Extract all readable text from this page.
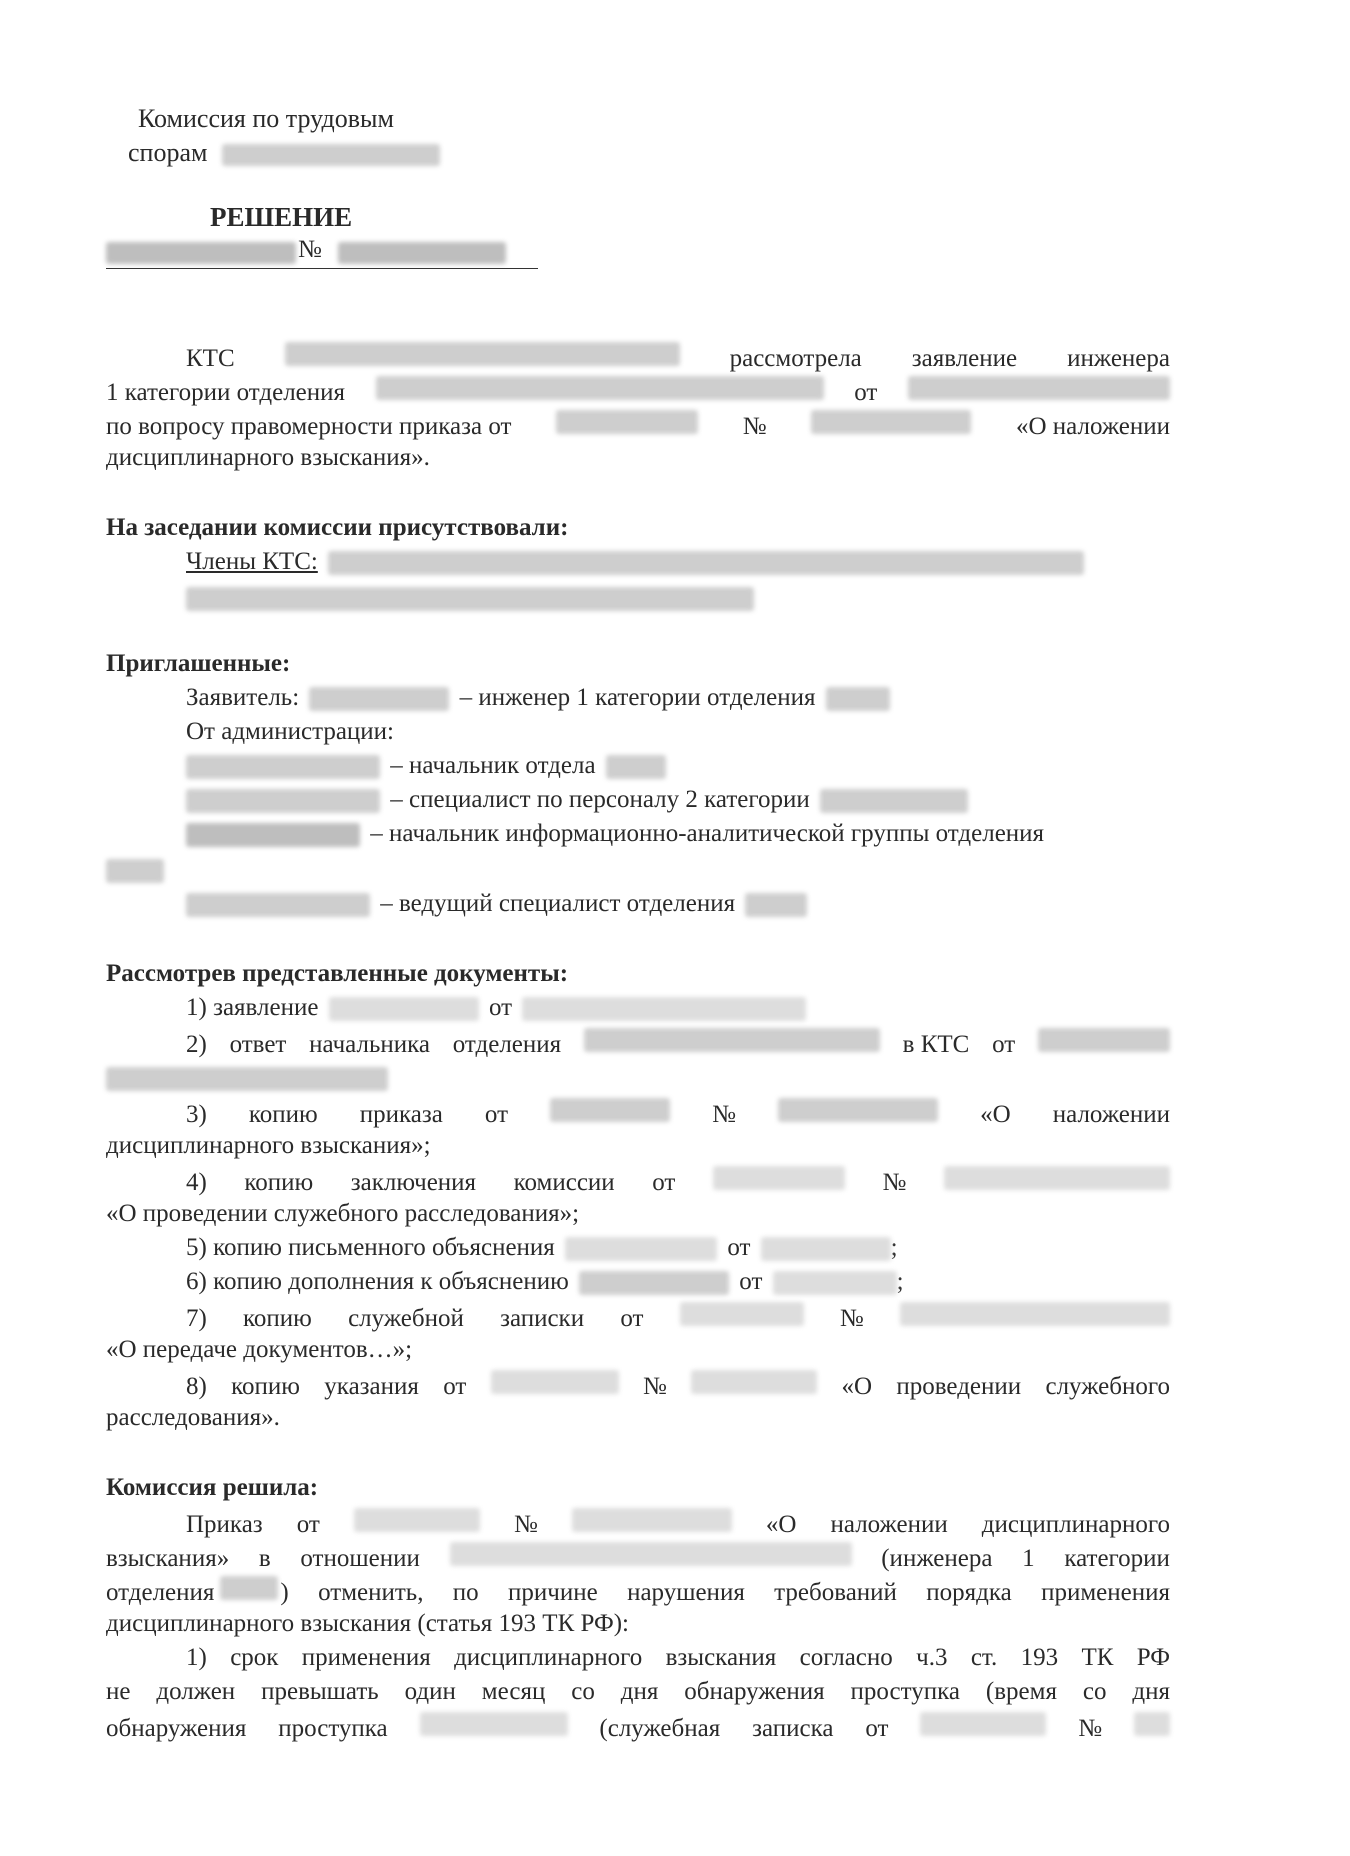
Комиссия по трудовым
спорам
РЕШЕНИЕ
№
КТС	рассмотрела заявление инженера
1 категории отделения	от
по вопросу правомерности приказа от	№	«О наложении
дисциплинарного взыскания».
На заседании комиссии присутствовали:
Члены КТС:
Приглашенные:
Заявитель:	– инженер 1 категории отделения
От администрации:
– начальник отдела
– специалист по персоналу 2 категории
– начальник информационно-аналитической группы отделения
– ведущий специалист отделения
Рассмотрев представленные документы:
1) заявление	от
2) ответ начальника отделения	в КТС от
3) копию приказа от	№	«О наложении
дисциплинарного взыскания»;
4) копию заключения комиссии от	№
«О проведении служебного расследования»;
5) копию письменного объяснения	от	;
6) копию дополнения к объяснению	от	;
7) копию служебной записки от	№
«О передаче документов…»;
8) копию указания от	№	«О проведении служебного
расследования».
Комиссия решила:
Приказ от	№	«О наложении дисциплинарного
взыскания» в отношении	(инженера 1 категории
отделения	) отменить, по причине нарушения требований порядка применения
дисциплинарного взыскания (статья 193 ТК РФ):
1) срок применения дисциплинарного взыскания согласно ч.3 ст. 193 ТК РФ
не должен превышать один месяц со дня обнаружения проступка (время со дня
обнаружения проступка	(служебная записка от	№
